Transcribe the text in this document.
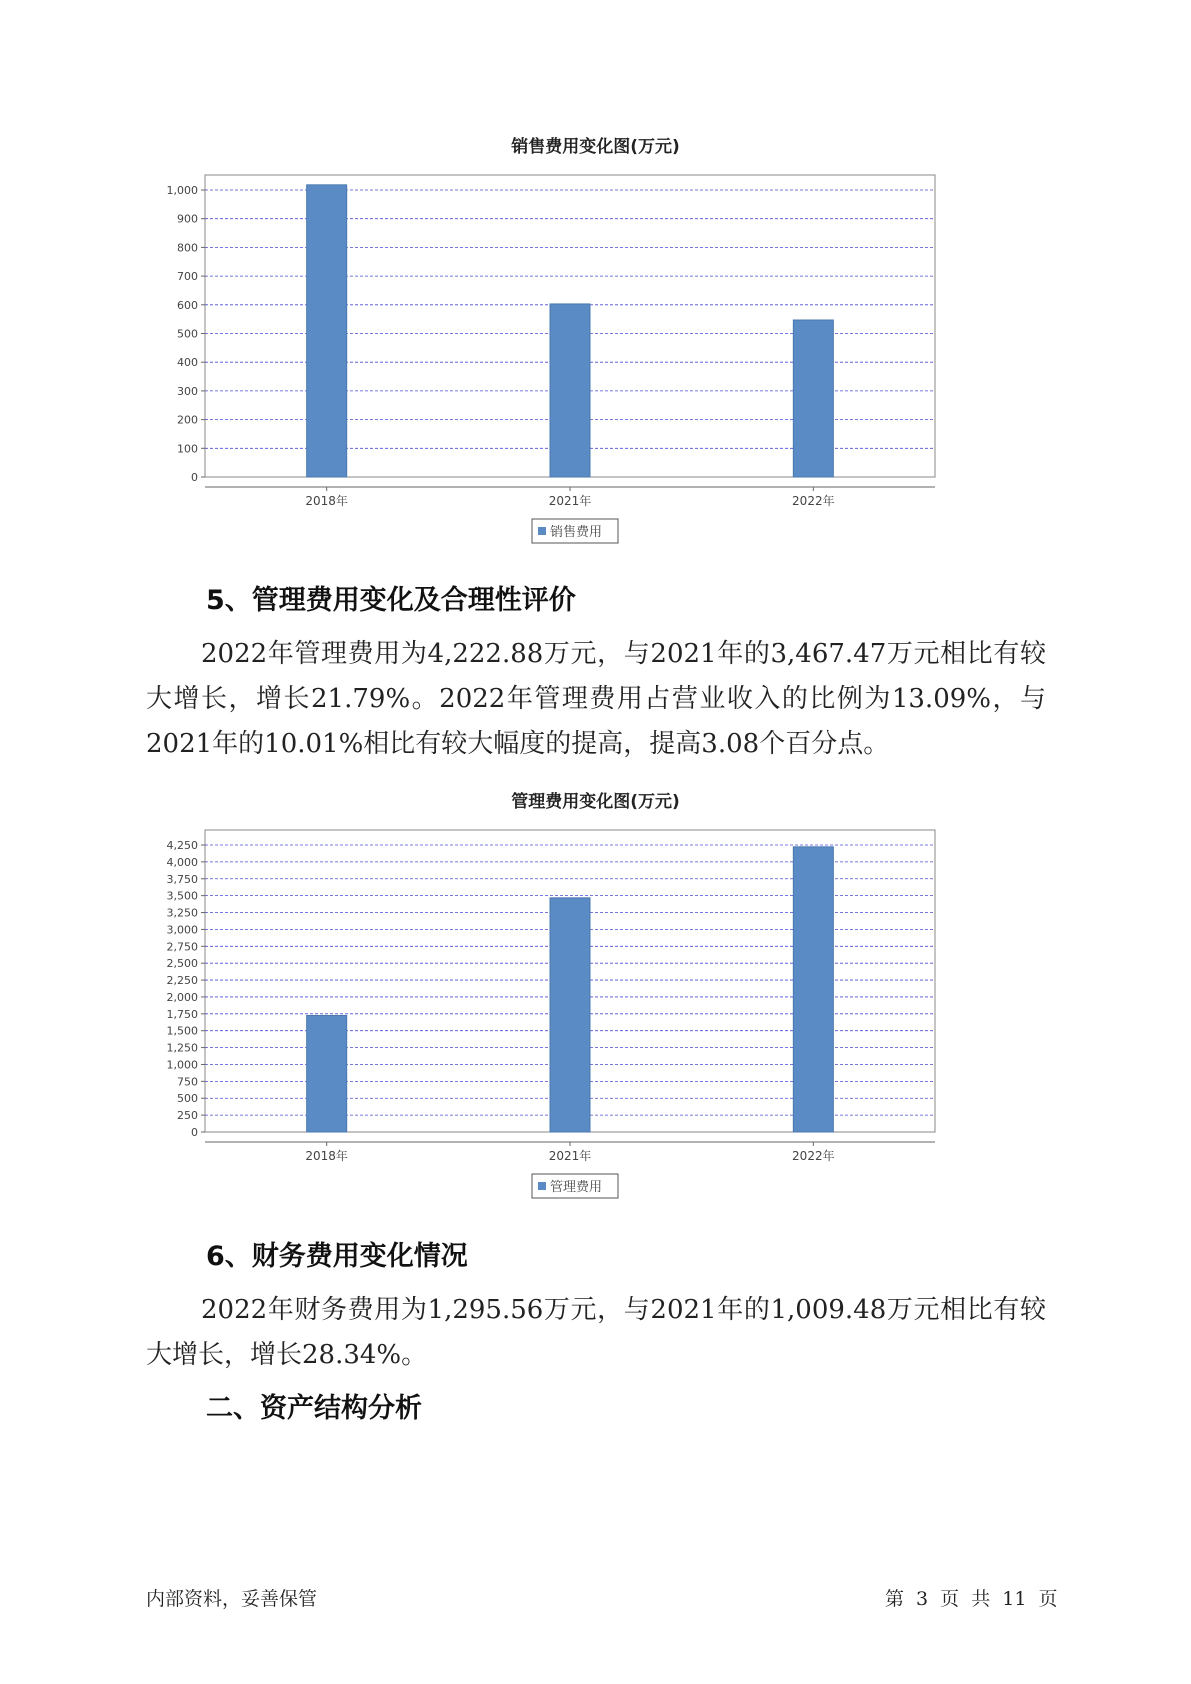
销售费用变化图(万元)
0
100
200
300
400
500
600
700
800
900
1,000
2018年	2021年	2022年
销售费用
5、管理费用变化及合理性评价
2022年管理费用为4,222.88万元，与2021年的3,467.47万元相比有较大增长，增长21.79%。2022年管理费用占营业收入的比例为13.09%，与2021年的10.01%相比有较大幅度的提高，提高3.08个百分点。
管理费用变化图(万元)
0
250
500
750
1,000
1,250
1,500
1,750
2,000
2,250
2,500
2,750
3,000
3,250
3,500
3,750
4,000
4,250
2018年	2021年	2022年
管理费用
6、财务费用变化情况
2022年财务费用为1,295.56万元，与2021年的1,009.48万元相比有较大增长，增长28.34%。
二、资产结构分析
内部资料，妥善保管	第 3 页 共 11 页
